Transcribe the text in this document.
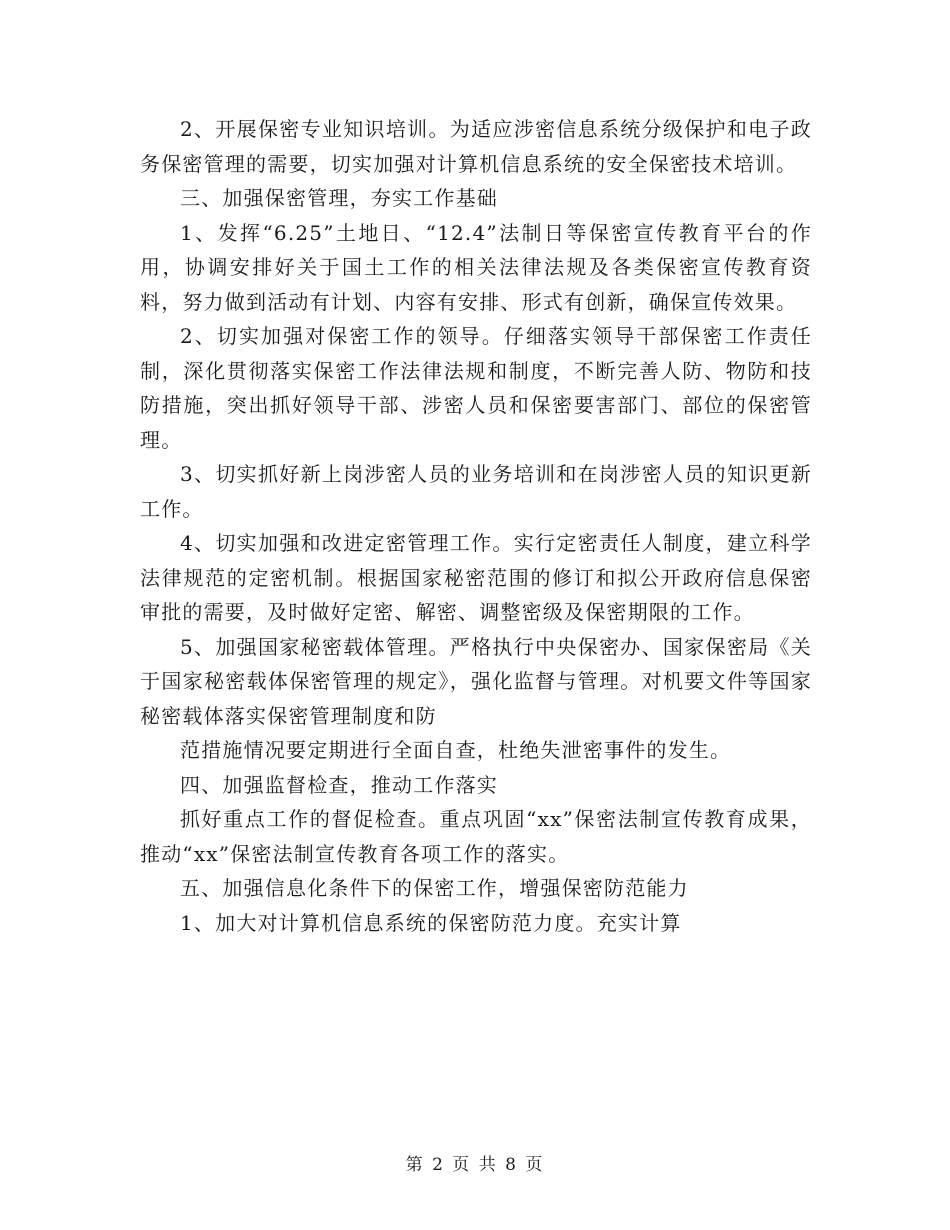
2、开展保密专业知识培训。为适应涉密信息系统分级保护和电子政务保密管理的需要，切实加强对计算机信息系统的安全保密技术培训。

三、加强保密管理，夯实工作基础

1、发挥“6.25”土地日、“12.4”法制日等保密宣传教育平台的作用，协调安排好关于国土工作的相关法律法规及各类保密宣传教育资料，努力做到活动有计划、内容有安排、形式有创新，确保宣传效果。

2、切实加强对保密工作的领导。仔细落实领导干部保密工作责任制，深化贯彻落实保密工作法律法规和制度，不断完善人防、物防和技防措施，突出抓好领导干部、涉密人员和保密要害部门、部位的保密管理。

3、切实抓好新上岗涉密人员的业务培训和在岗涉密人员的知识更新工作。

4、切实加强和改进定密管理工作。实行定密责任人制度，建立科学法律规范的定密机制。根据国家秘密范围的修订和拟公开政府信息保密审批的需要，及时做好定密、解密、调整密级及保密期限的工作。

5、加强国家秘密载体管理。严格执行中央保密办、国家保密局《关于国家秘密载体保密管理的规定》，强化监督与管理。对机要文件等国家秘密载体落实保密管理制度和防

范措施情况要定期进行全面自查，杜绝失泄密事件的发生。

四、加强监督检查，推动工作落实

抓好重点工作的督促检查。重点巩固“xx”保密法制宣传教育成果，推动“xx”保密法制宣传教育各项工作的落实。

五、加强信息化条件下的保密工作，增强保密防范能力

1、加大对计算机信息系统的保密防范力度。充实计算

第 2 页 共 8 页
